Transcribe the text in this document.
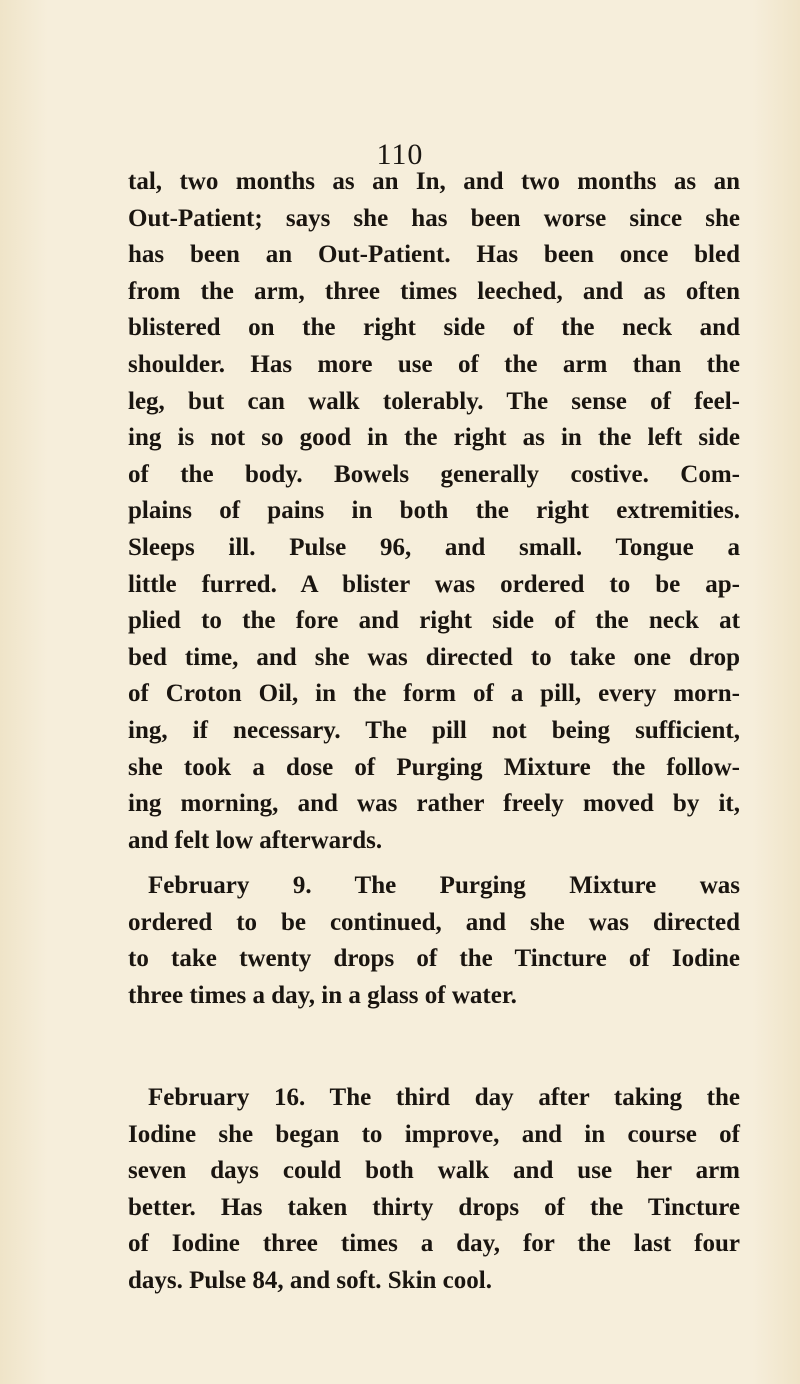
110
tal, two months as an In, and two months as an
Out-Patient; says she has been worse since she
has been an Out-Patient. Has been once bled
from the arm, three times leeched, and as often
blistered on the right side of the neck and
shoulder. Has more use of the arm than the
leg, but can walk tolerably. The sense of feel-
ing is not so good in the right as in the left side
of the body. Bowels generally costive. Com-
plains of pains in both the right extremities.
Sleeps ill. Pulse 96, and small. Tongue a
little furred. A blister was ordered to be ap-
plied to the fore and right side of the neck at
bed time, and she was directed to take one drop
of Croton Oil, in the form of a pill, every morn-
ing, if necessary. The pill not being sufficient,
she took a dose of Purging Mixture the follow-
ing morning, and was rather freely moved by it,
and felt low afterwards.
February 9. The Purging Mixture was
ordered to be continued, and she was directed
to take twenty drops of the Tincture of Iodine
three times a day, in a glass of water.
February 16. The third day after taking the
Iodine she began to improve, and in course of
seven days could both walk and use her arm
better. Has taken thirty drops of the Tincture
of Iodine three times a day, for the last four
days. Pulse 84, and soft. Skin cool.
